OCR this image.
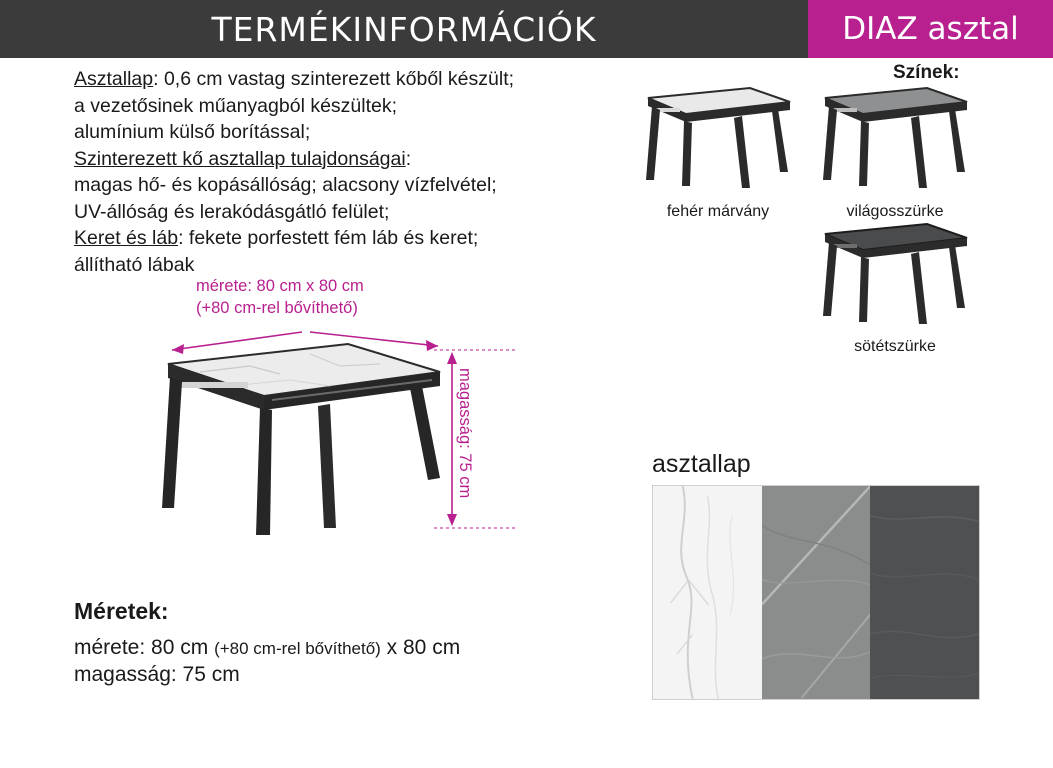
TERMÉKINFORMÁCIÓK	DIAZ asztal
Asztallap: 0,6 cm vastag szinterezett kőből készült;
a vezetősinek műanyagból készültek;
alumínium külső borítással;
Szinterezett kő asztallap tulajdonságai:
magas hő- és kopásállóság; alacsony vízfelvétel;
UV-állóság és lerakódásgátló felület;
Keret és láb: fekete porfestett fém láb és keret;
állítható lábak
Színek:
fehér márvány	világosszürke
sötétszürke
mérete: 80 cm x 80 cm
(+80 cm-rel bővíthető)
magasság: 75 cm
Méretek:
mérete: 80 cm (+80 cm-rel bővíthető) x 80 cm
magasság: 75 cm
asztallap
